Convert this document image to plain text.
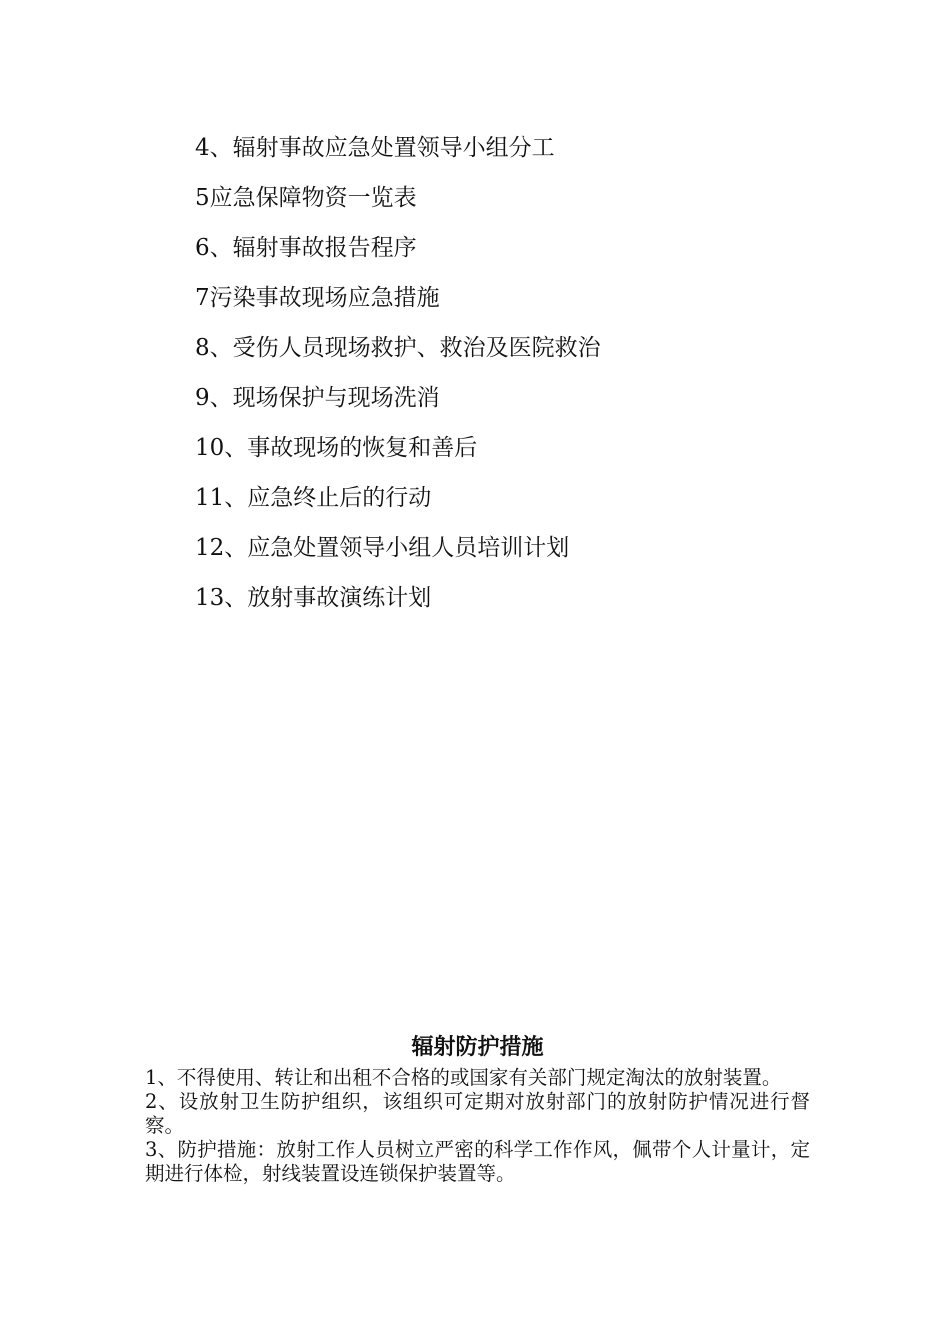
4、辐射事故应急处置领导小组分工
5应急保障物资一览表
6、辐射事故报告程序
7污染事故现场应急措施
8、受伤人员现场救护、救治及医院救治
9、现场保护与现场洗消
10、事故现场的恢复和善后
11、应急终止后的行动
12、应急处置领导小组人员培训计划
13、放射事故演练计划
辐射防护措施
1、不得使用、转让和出租不合格的或国家有关部门规定淘汰的放射装置。
2、设放射卫生防护组织，该组织可定期对放射部门的放射防护情况进行督察。
3、防护措施：放射工作人员树立严密的科学工作作风，佩带个人计量计，定期进行体检，射线装置设连锁保护装置等。
